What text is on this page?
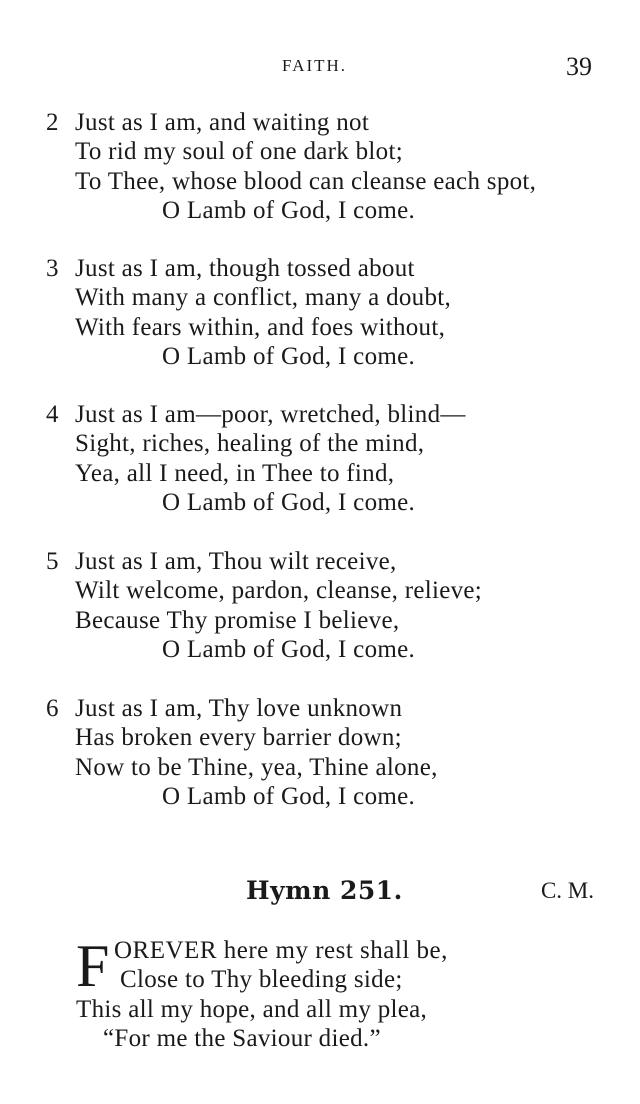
FAITH.	39
2 Just as I am, and waiting not
To rid my soul of one dark blot;
To Thee, whose blood can cleanse each spot,
O Lamb of God, I come.
3 Just as I am, though tossed about
With many a conflict, many a doubt,
With fears within, and foes without,
O Lamb of God, I come.
4 Just as I am—poor, wretched, blind—
Sight, riches, healing of the mind,
Yea, all I need, in Thee to find,
O Lamb of God, I come.
5 Just as I am, Thou wilt receive,
Wilt welcome, pardon, cleanse, relieve;
Because Thy promise I believe,
O Lamb of God, I come.
6 Just as I am, Thy love unknown
Has broken every barrier down;
Now to be Thine, yea, Thine alone,
O Lamb of God, I come.
Hymn 251.	C. M.
F OREVER here my rest shall be,
Close to Thy bleeding side;
This all my hope, and all my plea,
“For me the Saviour died.”
